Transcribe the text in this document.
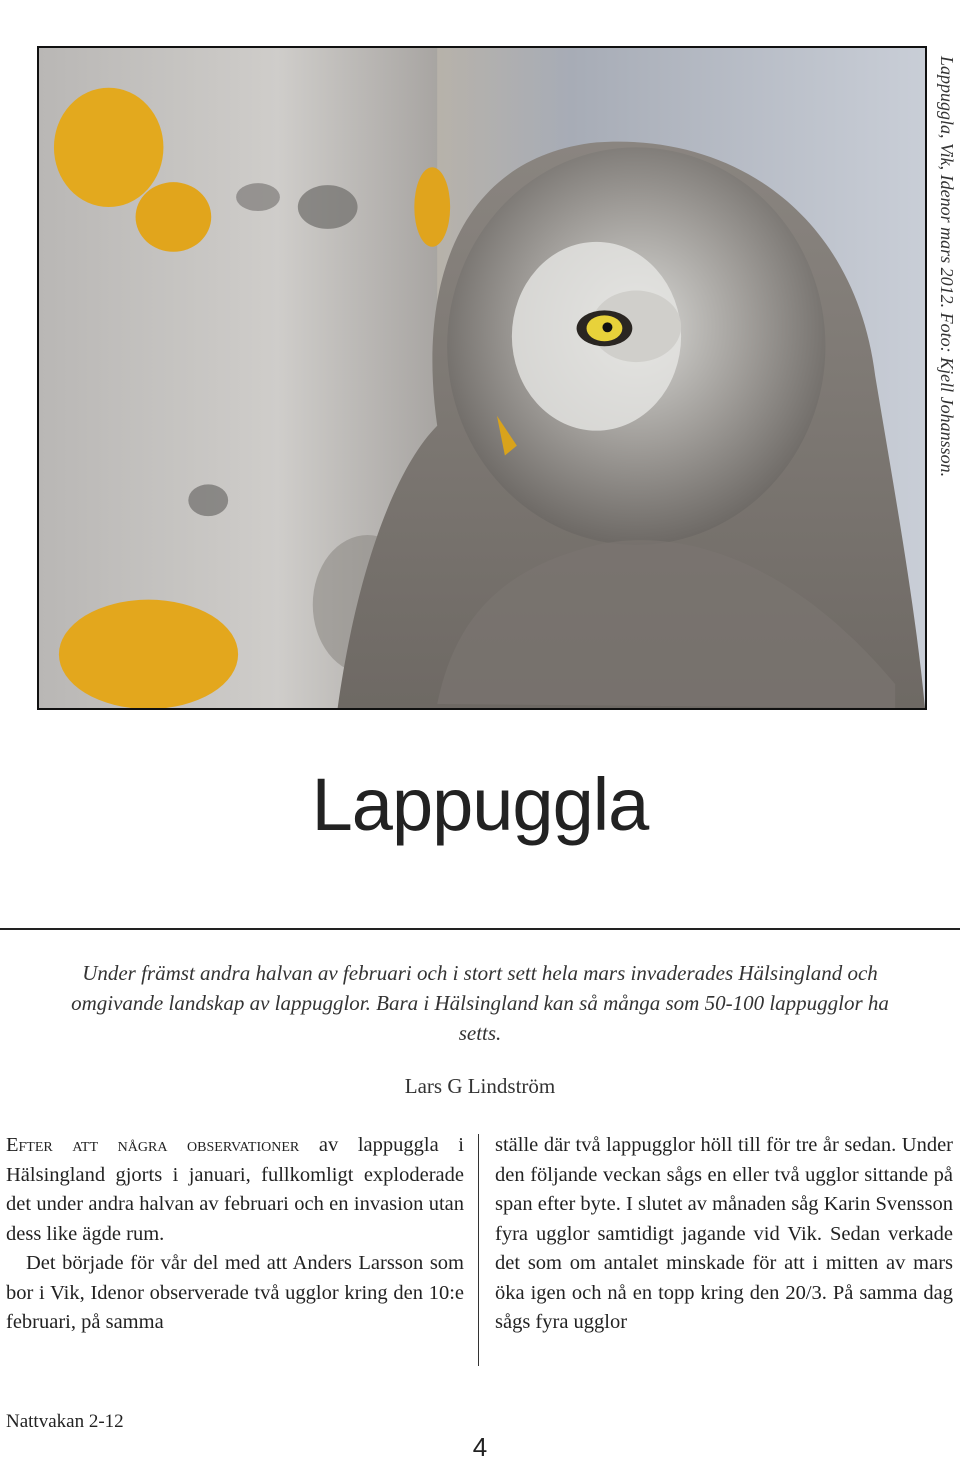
Lappuggla, Vik, Idenor mars 2012. Foto: Kjell Johansson.
Lappuggla
Under främst andra halvan av februari och i stort sett hela mars invaderades Hälsingland och omgivande landskap av lappugglor. Bara i Hälsingland kan så många som 50-100 lappugglor ha setts.
Lars G Lindström

Efter att några observationer av lappuggla i Hälsingland gjorts i januari, fullkomligt exploderade det under andra halvan av februari och en invasion utan dess like ägde rum.

Det började för vår del med att Anders Larsson som bor i Vik, Idenor observerade två ugglor kring den 10:e februari, på samma

ställe där två lappugglor höll till för tre år sedan. Under den följande veckan sågs en eller två ugglor sittande på span efter byte. I slutet av månaden såg Karin Svensson fyra ugglor samtidigt jagande vid Vik. Sedan verkade det som om antalet minskade för att i mitten av mars öka igen och nå en topp kring den 20/3. På samma dag sågs fyra ugglor

Nattvakan 2-12
4
